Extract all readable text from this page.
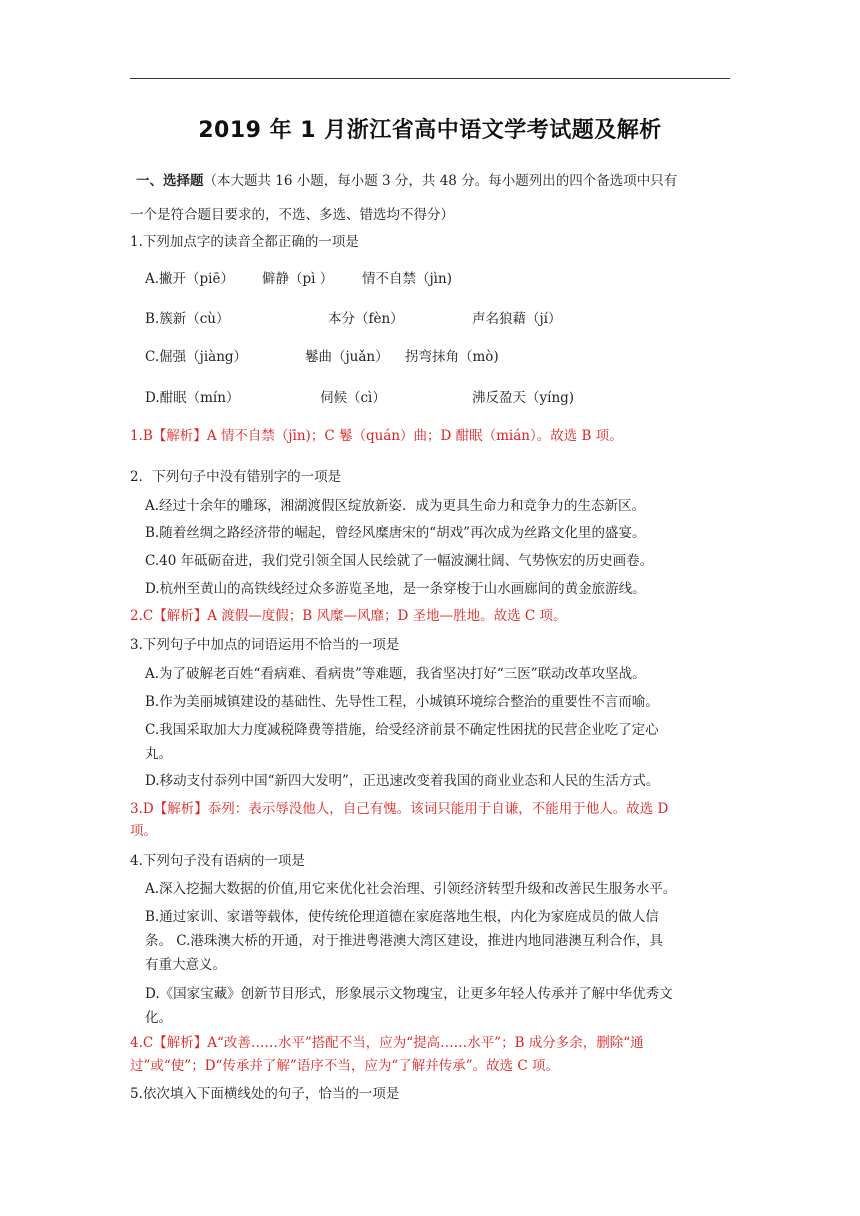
2019 年 1 月浙江省高中语文学考试题及解析
一、选择题（本大题共 16 小题，每小题 3 分，共 48 分。每小题列出的四个备选项中只有
一个是符合题目要求的，不选、多选、错选均不得分）
1.下列加点字的读音全都正确的一项是
A.撇开（piē） 僻静（pì ） 情不自禁（jìn)
B.簇新（cù）	本分（fèn）	声名狼藉（jí）
C.倔强（jiàng）	鬈曲（juǎn） 拐弯抹角（mò)
D.酣眠（mín）	伺候（cì）	沸反盈天（yíng)
1.B【解析】A 情不自禁（jīn)；C 鬈（quán）曲；D 酣眠（mián）。故选 B 项。
2．下列句子中没有错别字的一项是
A.经过十余年的雕琢，湘湖渡假区绽放新姿．成为更具生命力和竞争力的生态新区。
B.随着丝绸之路经济带的崛起，曾经风糜唐宋的“胡戏”再次成为丝路文化里的盛宴。
C.40 年砥砺奋进，我们党引领全国人民绘就了一幅波澜壮阔、气势恢宏的历史画卷。
D.杭州至黄山的高铁线经过众多游览圣地，是一条穿梭于山水画廊间的黄金旅游线。
2.C【解析】A 渡假—度假；B 风糜—风靡；D 圣地—胜地。故选 C 项。
3.下列句子中加点的词语运用不恰当的一项是
A.为了破解老百姓“看病难、看病贵”等难题，我省坚决打好“三医”联动改革攻坚战。
B.作为美丽城镇建设的基础性、先导性工程，小城镇环境综合整治的重要性不言而喻。
C.我国采取加大力度减税降费等措施，给受经济前景不确定性困扰的民营企业吃了定心
丸。
D.移动支付忝列中国“新四大发明”，正迅速改变着我国的商业业态和人民的生活方式。
3.D【解析】忝列：表示辱没他人，自己有愧。该词只能用于自谦，不能用于他人。故选 D
项。
4.下列句子没有语病的一项是
A.深入挖掘大数据的价值,用它来优化社会治理、引领经济转型升级和改善民生服务水平。
B.通过家训、家谱等载体，使传统伦理道德在家庭落地生根，内化为家庭成员的做人信
条。 C.港珠澳大桥的开通，对于推进粤港澳大湾区建设，推进内地同港澳互利合作，具
有重大意义。
D.《国家宝藏》创新节目形式，形象展示文物瑰宝，让更多年轻人传承并了解中华优秀文
化。
4.C【解析】A“改善……水平”搭配不当，应为“提高……水平”；B 成分多余，删除“通
过”或“使”；D“传承并了解”语序不当，应为“了解并传承”。故选 C 项。
5.依次填入下面横线处的句子，恰当的一项是
